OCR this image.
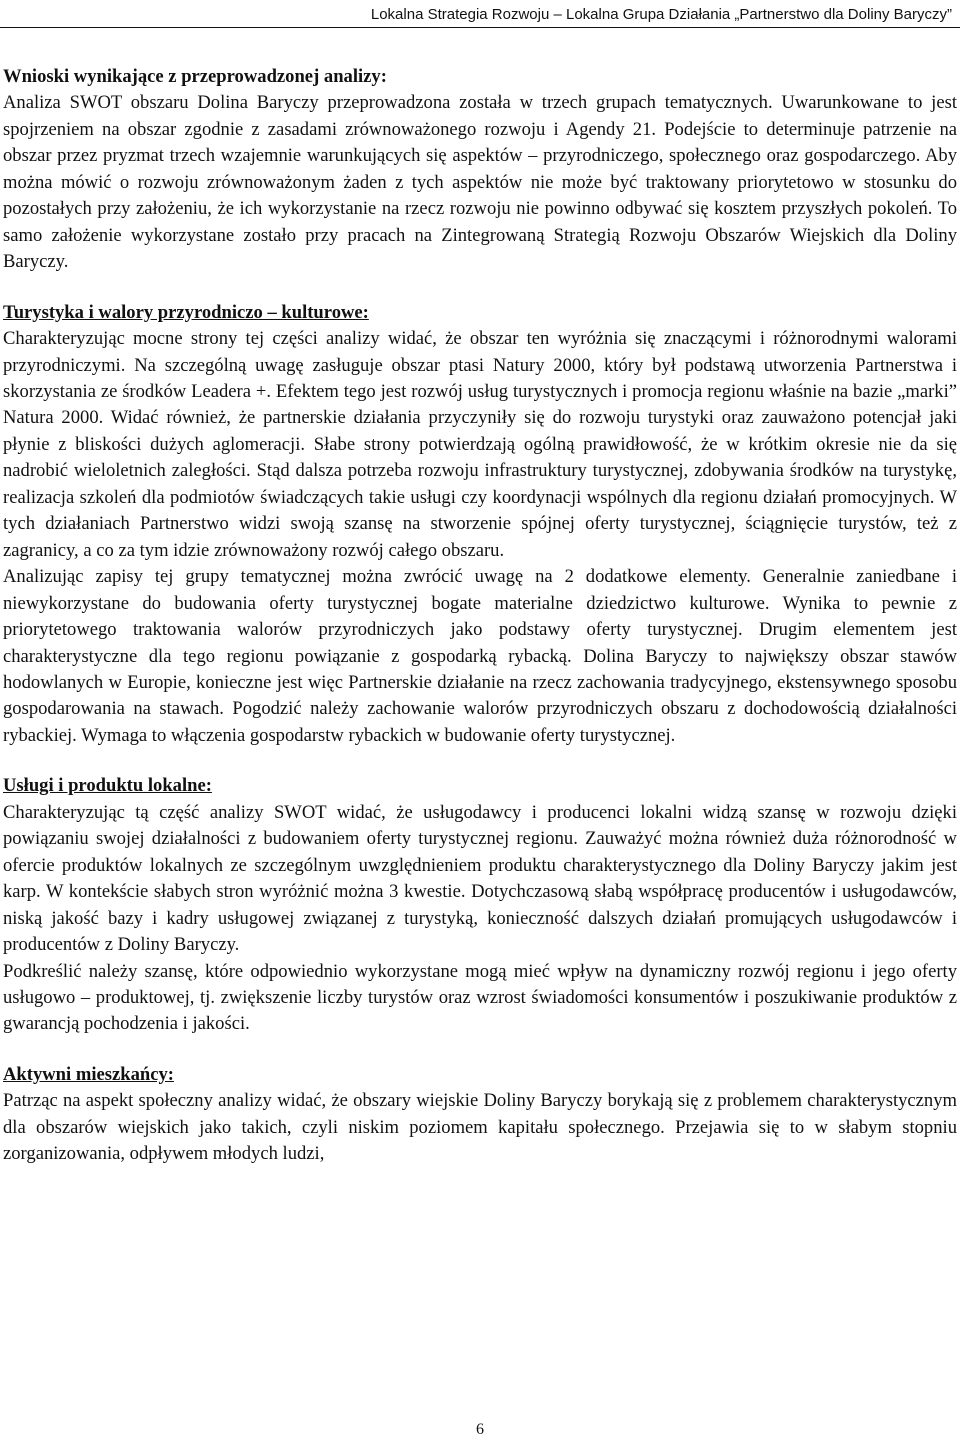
Lokalna Strategia Rozwoju – Lokalna Grupa Działania „Partnerstwo dla Doliny Baryczy”

Wnioski wynikające z przeprowadzonej analizy:

Analiza SWOT obszaru Dolina Baryczy przeprowadzona została w trzech grupach tematycznych. Uwarunkowane to jest spojrzeniem na obszar zgodnie z zasadami zrównoważonego rozwoju i Agendy 21. Podejście to determinuje patrzenie na obszar przez pryzmat trzech wzajemnie warunkujących się aspektów – przyrodniczego, społecznego oraz gospodarczego. Aby można mówić o rozwoju zrównoważonym żaden z tych aspektów nie może być traktowany priorytetowo w stosunku do pozostałych przy założeniu, że ich wykorzystanie na rzecz rozwoju nie powinno odbywać się kosztem przyszłych pokoleń. To samo założenie wykorzystane zostało przy pracach na Zintegrowaną Strategią Rozwoju Obszarów Wiejskich dla Doliny Baryczy.

Turystyka i walory przyrodniczo – kulturowe:

Charakteryzując mocne strony tej części analizy widać, że obszar ten wyróżnia się znaczącymi i różnorodnymi walorami przyrodniczymi. Na szczególną uwagę zasługuje obszar ptasi Natury 2000, który był podstawą utworzenia Partnerstwa i skorzystania ze środków Leadera +. Efektem tego jest rozwój usług turystycznych i promocja regionu właśnie na bazie „marki” Natura 2000. Widać również, że partnerskie działania przyczyniły się do rozwoju turystyki oraz zauważono potencjał jaki płynie z bliskości dużych aglomeracji. Słabe strony potwierdzają ogólną prawidłowość, że w krótkim okresie nie da się nadrobić wieloletnich zaległości. Stąd dalsza potrzeba rozwoju infrastruktury turystycznej, zdobywania środków na turystykę, realizacja szkoleń dla podmiotów świadczących takie usługi czy koordynacji wspólnych dla regionu działań promocyjnych. W tych działaniach Partnerstwo widzi swoją szansę na stworzenie spójnej oferty turystycznej, ściągnięcie turystów, też z zagranicy, a co za tym idzie zrównoważony rozwój całego obszaru.

Analizując zapisy tej grupy tematycznej można zwrócić uwagę na 2 dodatkowe elementy. Generalnie zaniedbane i niewykorzystane do budowania oferty turystycznej bogate materialne dziedzictwo kulturowe. Wynika to pewnie z priorytetowego traktowania walorów przyrodniczych jako podstawy oferty turystycznej. Drugim elementem jest charakterystyczne dla tego regionu powiązanie z gospodarką rybacką. Dolina Baryczy to największy obszar stawów hodowlanych w Europie, konieczne jest więc Partnerskie działanie na rzecz zachowania tradycyjnego, ekstensywnego sposobu gospodarowania na stawach. Pogodzić należy zachowanie walorów przyrodniczych obszaru z dochodowością działalności rybackiej. Wymaga to włączenia gospodarstw rybackich w budowanie oferty turystycznej.

Usługi i produktu lokalne:

Charakteryzując tą część analizy SWOT widać, że usługodawcy i producenci lokalni widzą szansę w rozwoju dzięki powiązaniu swojej działalności z budowaniem oferty turystycznej regionu. Zauważyć można również duża różnorodność w ofercie produktów lokalnych ze szczególnym uwzględnieniem produktu charakterystycznego dla Doliny Baryczy jakim jest karp. W kontekście słabych stron wyróżnić można 3 kwestie. Dotychczasową słabą współpracę producentów i usługodawców, niską jakość bazy i kadry usługowej związanej z turystyką, konieczność dalszych działań promujących usługodawców i producentów z Doliny Baryczy.

Podkreślić należy szansę, które odpowiednio wykorzystane mogą mieć wpływ na dynamiczny rozwój regionu i jego oferty usługowo – produktowej, tj. zwiększenie liczby turystów oraz wzrost świadomości konsumentów i poszukiwanie produktów z gwarancją pochodzenia i jakości.

Aktywni mieszkańcy:

Patrząc na aspekt społeczny analizy widać, że obszary wiejskie Doliny Baryczy borykają się z problemem charakterystycznym dla obszarów wiejskich jako takich, czyli niskim poziomem kapitału społecznego. Przejawia się to w słabym stopniu zorganizowania, odpływem młodych ludzi,

6
